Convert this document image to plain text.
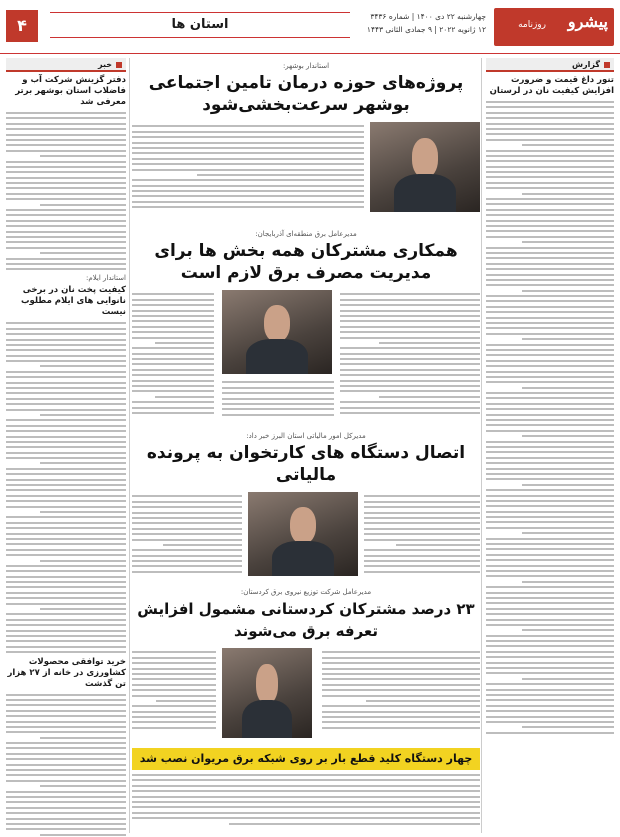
پیشرو
روزنامه
چهارشنبه ۲۲ دی ۱۴۰۰ | شماره ۳۴۳۶
۱۲ ژانویه ۲۰۲۲ | ۹ جمادی الثانی ۱۴۴۳
استان ها
۴
گزارش
تنور داغ قیمت و ضرورت افزایش کیفیت نان در لرستان
خبر
دفتر گزینش شرکت آب و فاضلاب استان بوشهر برتر معرفی شد
استاندار ایلام:
کیفیت پخت نان در برخی نانوایی های ایلام مطلوب نیست
خرید توافقی محصولات کشاورزی در خانه از ۲۷ هزار تن گذشت
استاندار بوشهر:
پروژه‌های حوزه درمان تامین اجتماعی بوشهر سرعت‌بخشی‌شود
مدیرعامل برق منطقه‌ای آذربایجان:
همکاری مشترکان همه بخش ها برای مدیریت مصرف برق لازم است
مدیرکل امور مالیاتی استان البرز خبر داد:
اتصال دستگاه های کارتخوان به پرونده مالیاتی
مدیرعامل شرکت توزیع نیروی برق کردستان:
۲۳ درصد مشترکان کردستانی مشمول افزایش تعرفه برق می‌شوند
چهار دستگاه کلید قطع بار بر روی شبکه برق مریوان نصب شد
